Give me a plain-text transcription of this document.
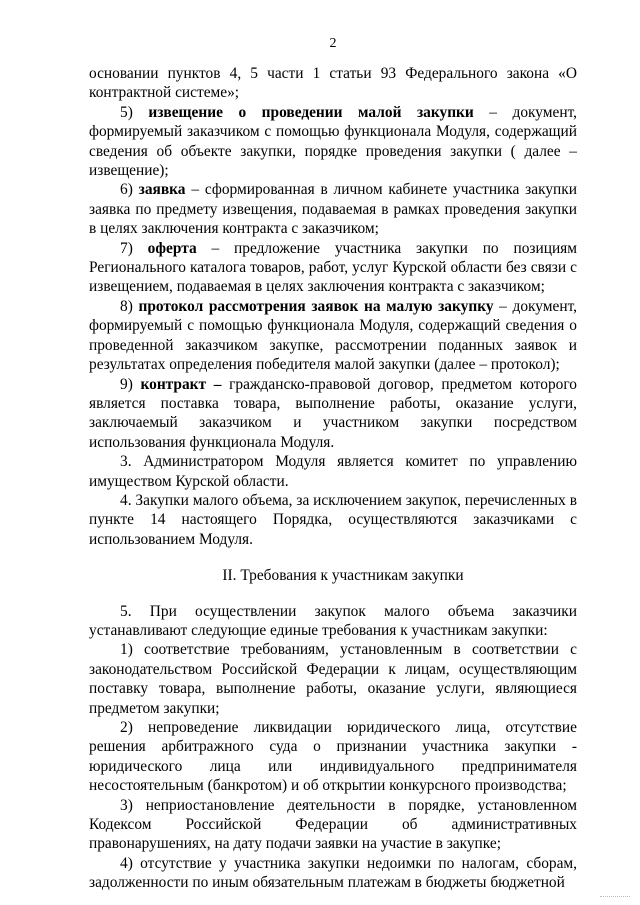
2

основании пунктов 4, 5 части 1 статьи 93 Федерального закона «О контрактной системе»;

5) извещение о проведении малой закупки – документ, формируемый заказчиком с помощью функционала Модуля, содержащий сведения об объекте закупки, порядке проведения закупки ( далее – извещение);

6) заявка – сформированная в личном кабинете участника закупки заявка по предмету извещения, подаваемая в рамках проведения закупки в целях заключения контракта с заказчиком;

7) оферта – предложение участника закупки по позициям Регионального каталога товаров, работ, услуг Курской области без связи с извещением, подаваемая в целях заключения контракта с заказчиком;

8) протокол рассмотрения заявок на малую закупку – документ, формируемый с помощью функционала Модуля, содержащий сведения о проведенной заказчиком закупке, рассмотрении поданных заявок и результатах определения победителя малой закупки (далее – протокол);

9) контракт – гражданско-правовой договор, предметом которого является поставка товара, выполнение работы, оказание услуги, заключаемый заказчиком и участником закупки посредством использования функционала Модуля.

3. Администратором Модуля является комитет по управлению имуществом Курской области.

4. Закупки малого объема, за исключением закупок, перечисленных в пункте 14 настоящего Порядка, осуществляются заказчиками с использованием Модуля.

II. Требования к участникам закупки

5. При осуществлении закупок малого объема заказчики устанавливают следующие единые требования к участникам закупки:

1) соответствие требованиям, установленным в соответствии с законодательством Российской Федерации к лицам, осуществляющим поставку товара, выполнение работы, оказание услуги, являющиеся предметом закупки;

2) непроведение ликвидации юридического лица, отсутствие решения арбитражного суда о признании участника закупки - юридического лица или индивидуального предпринимателя несостоятельным (банкротом) и об открытии конкурсного производства;

3) неприостановление деятельности в порядке, установленном Кодексом Российской Федерации об административных правонарушениях, на дату подачи заявки на участие в закупке;

4) отсутствие у участника закупки недоимки по налогам, сборам, задолженности по иным обязательным платежам в бюджеты бюджетной
